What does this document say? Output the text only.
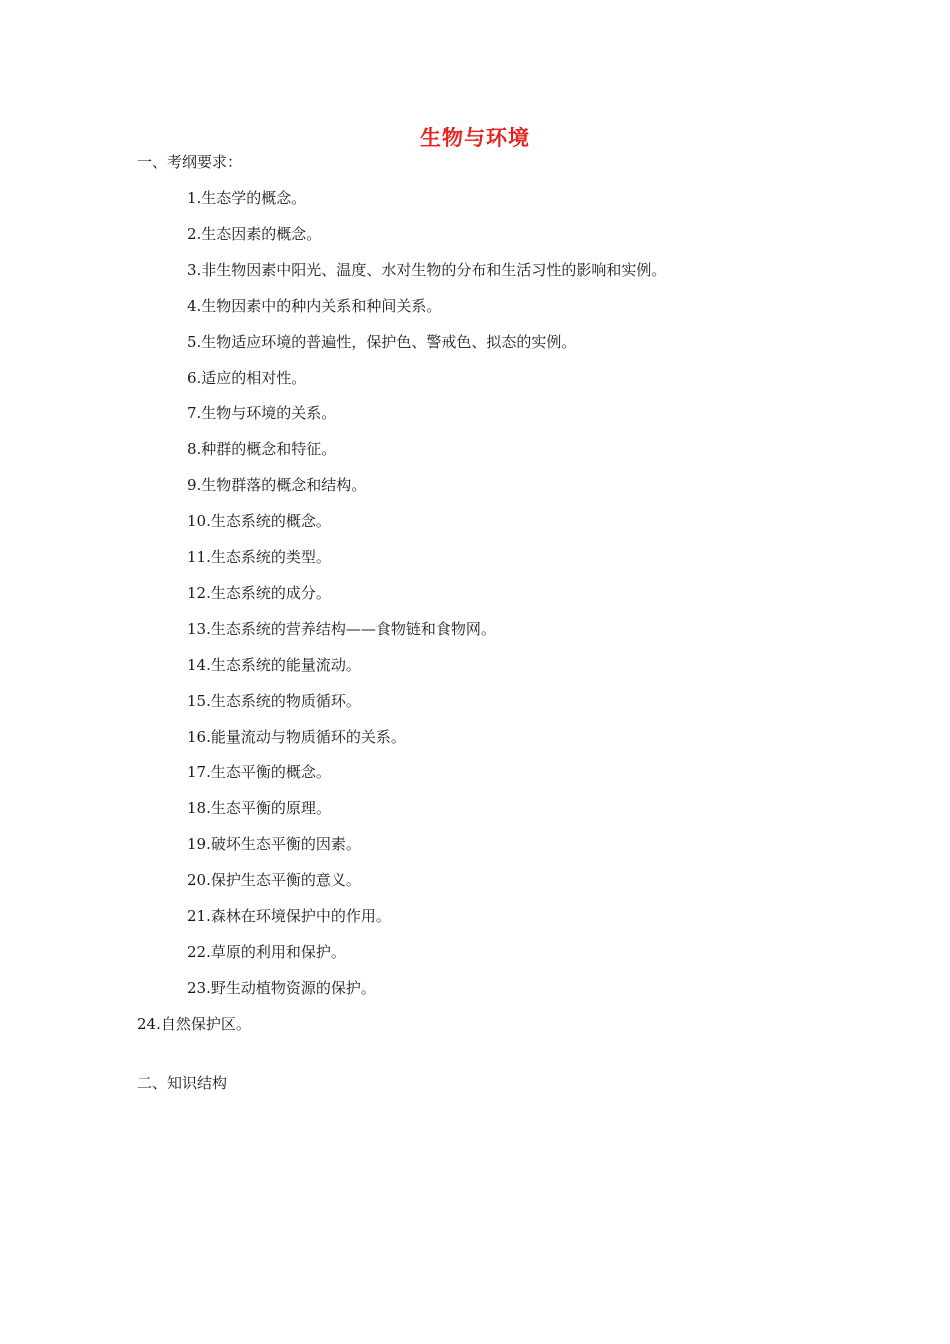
生物与环境
一、考纲要求：
1.生态学的概念。
2.生态因素的概念。
3.非生物因素中阳光、温度、水对生物的分布和生活习性的影响和实例。
4.生物因素中的种内关系和种间关系。
5.生物适应环境的普遍性，保护色、警戒色、拟态的实例。
6.适应的相对性。
7.生物与环境的关系。
8.种群的概念和特征。
9.生物群落的概念和结构。
10.生态系统的概念。
11.生态系统的类型。
12.生态系统的成分。
13.生态系统的营养结构——食物链和食物网。
14.生态系统的能量流动。
15.生态系统的物质循环。
16.能量流动与物质循环的关系。
17.生态平衡的概念。
18.生态平衡的原理。
19.破坏生态平衡的因素。
20.保护生态平衡的意义。
21.森林在环境保护中的作用。
22.草原的利用和保护。
23.野生动植物资源的保护。
24.自然保护区。
二、知识结构
